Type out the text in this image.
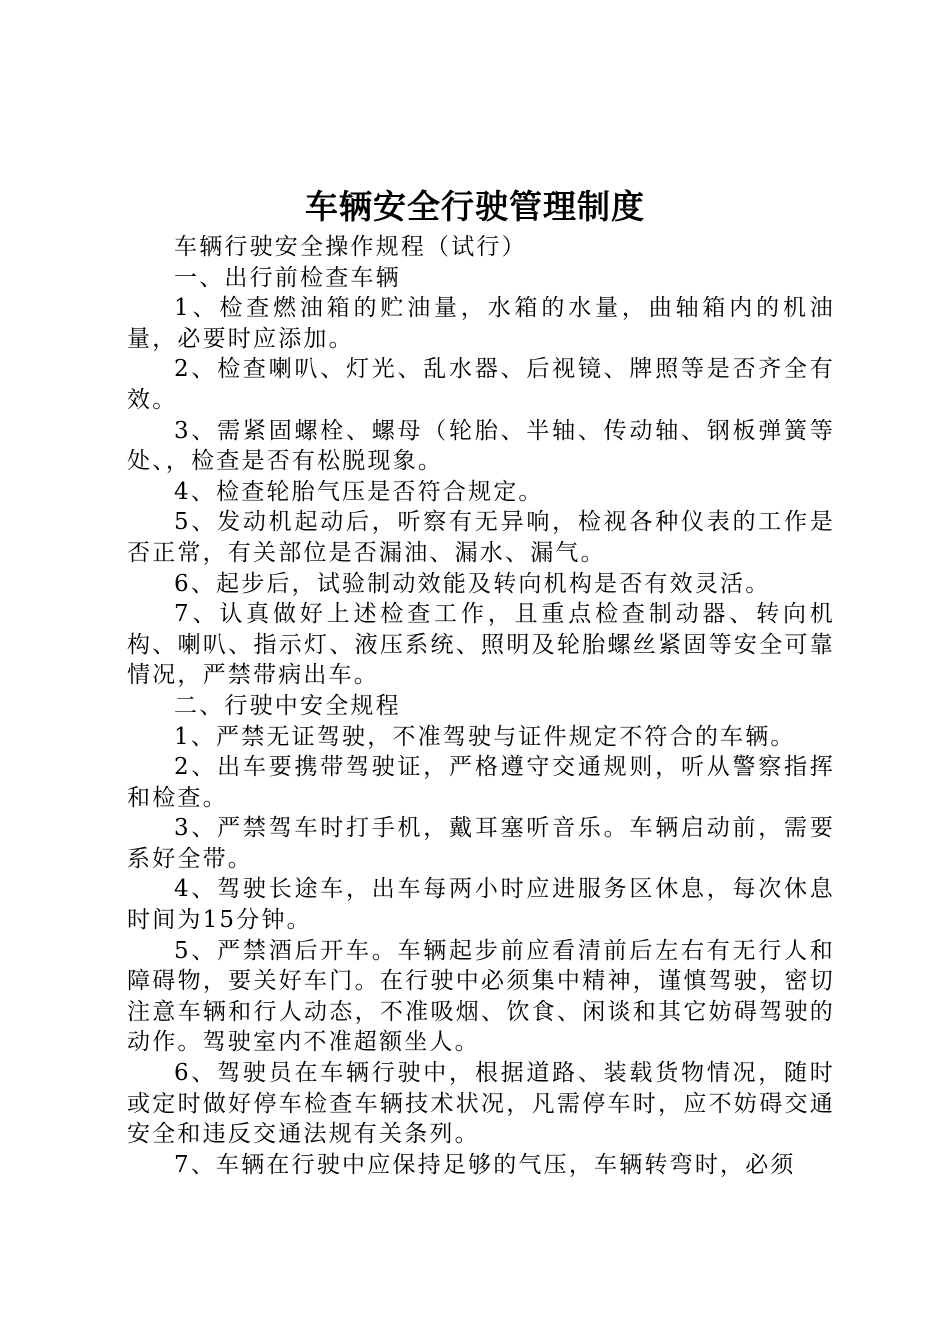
车辆安全行驶管理制度

车辆行驶安全操作规程（试行）

一、出行前检查车辆

1、检查燃油箱的贮油量，水箱的水量，曲轴箱内的机油量，必要时应添加。

2、检查喇叭、灯光、乱水器、后视镜、牌照等是否齐全有效。

3、需紧固螺栓、螺母（轮胎、半轴、传动轴、钢板弹簧等处、，检查是否有松脱现象。

4、检查轮胎气压是否符合规定。

5、发动机起动后，听察有无异响，检视各种仪表的工作是否正常，有关部位是否漏油、漏水、漏气。

6、起步后，试验制动效能及转向机构是否有效灵活。

7、认真做好上述检查工作，且重点检查制动器、转向机构、喇叭、指示灯、液压系统、照明及轮胎螺丝紧固等安全可靠情况，严禁带病出车。

二、行驶中安全规程

1、严禁无证驾驶，不准驾驶与证件规定不符合的车辆。

2、出车要携带驾驶证，严格遵守交通规则，听从警察指挥和检查。

3、严禁驾车时打手机，戴耳塞听音乐。车辆启动前，需要系好全带。

4、驾驶长途车，出车每两小时应进服务区休息，每次休息时间为15分钟。

5、严禁酒后开车。车辆起步前应看清前后左右有无行人和障碍物，要关好车门。在行驶中必须集中精神，谨慎驾驶，密切注意车辆和行人动态，不准吸烟、饮食、闲谈和其它妨碍驾驶的动作。驾驶室内不准超额坐人。

6、驾驶员在车辆行驶中，根据道路、装载货物情况，随时或定时做好停车检查车辆技术状况，凡需停车时，应不妨碍交通安全和违反交通法规有关条列。

7、车辆在行驶中应保持足够的气压，车辆转弯时，必须
